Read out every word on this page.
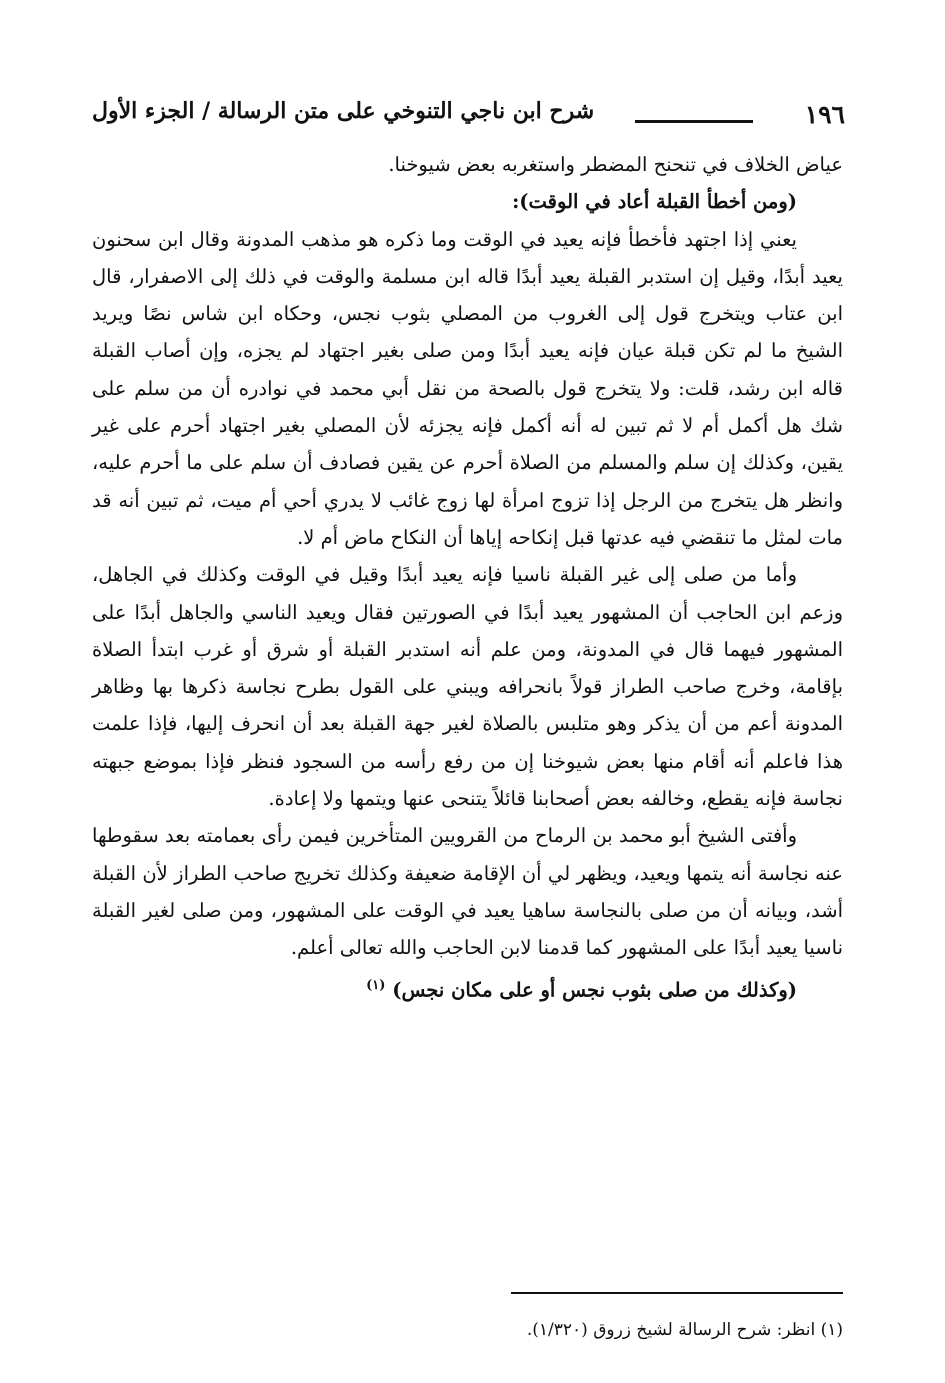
١٩٦
شرح ابن ناجي التنوخي على متن الرسالة / الجزء الأول

عياض الخلاف في تنحنح المضطر واستغربه بعض شيوخنا.

(ومن أخطأ القبلة أعاد في الوقت):

يعني إذا اجتهد فأخطأ فإنه يعيد في الوقت وما ذكره هو مذهب المدونة وقال ابن سحنون يعيد أبدًا، وقيل إن استدبر القبلة يعيد أبدًا قاله ابن مسلمة والوقت في ذلك إلى الاصفرار، قال ابن عتاب ويتخرج قول إلى الغروب من المصلي بثوب نجس، وحكاه ابن شاس نصًا ويريد الشيخ ما لم تكن قبلة عيان فإنه يعيد أبدًا ومن صلى بغير اجتهاد لم يجزه، وإن أصاب القبلة قاله ابن رشد، قلت: ولا يتخرج قول بالصحة من نقل أبي محمد في نوادره أن من سلم على شك هل أكمل أم لا ثم تبين له أنه أكمل فإنه يجزئه لأن المصلي بغير اجتهاد أحرم على غير يقين، وكذلك إن سلم والمسلم من الصلاة أحرم عن يقين فصادف أن سلم على ما أحرم عليه، وانظر هل يتخرج من الرجل إذا تزوج امرأة لها زوج غائب لا يدري أحي أم ميت، ثم تبين أنه قد مات لمثل ما تنقضي فيه عدتها قبل إنكاحه إياها أن النكاح ماض أم لا.

وأما من صلى إلى غير القبلة ناسيا فإنه يعيد أبدًا وقيل في الوقت وكذلك في الجاهل، وزعم ابن الحاجب أن المشهور يعيد أبدًا في الصورتين فقال ويعيد الناسي والجاهل أبدًا على المشهور فيهما قال في المدونة، ومن علم أنه استدبر القبلة أو شرق أو غرب ابتدأ الصلاة بإقامة، وخرج صاحب الطراز قولاً بانحرافه ويبني على القول بطرح نجاسة ذكرها بها وظاهر المدونة أعم من أن يذكر وهو متلبس بالصلاة لغير جهة القبلة بعد أن انحرف إليها، فإذا علمت هذا فاعلم أنه أقام منها بعض شيوخنا إن من رفع رأسه من السجود فنظر فإذا بموضع جبهته نجاسة فإنه يقطع، وخالفه بعض أصحابنا قائلاً يتنحى عنها ويتمها ولا إعادة.

وأفتى الشيخ أبو محمد بن الرماح من القرويين المتأخرين فيمن رأى بعمامته بعد سقوطها عنه نجاسة أنه يتمها ويعيد، ويظهر لي أن الإقامة ضعيفة وكذلك تخريج صاحب الطراز لأن القبلة أشد، وبيانه أن من صلى بالنجاسة ساهيا يعيد في الوقت على المشهور، ومن صلى لغير القبلة ناسيا يعيد أبدًا على المشهور كما قدمنا لابن الحاجب والله تعالى أعلم.

(وكذلك من صلى بثوب نجس أو على مكان نجس) $^{(١)}$

(١) انظر: شرح الرسالة لشيخ زروق (١/٣٢٠).
